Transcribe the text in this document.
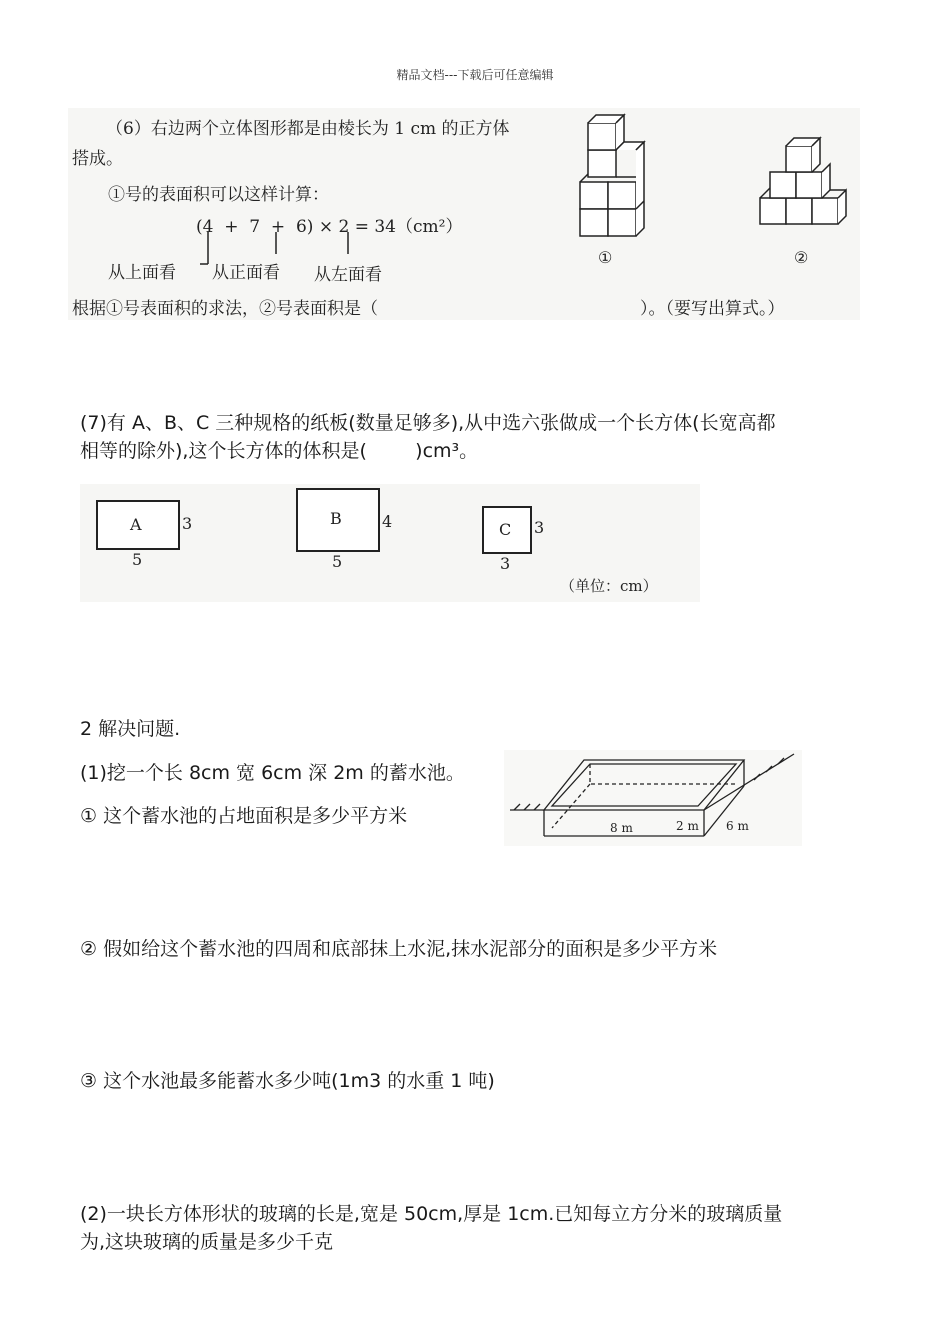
精品文档---下载后可任意编辑
（6）右边两个立体图形都是由棱长为 1 cm 的正方体
搭成。
①号的表面积可以这样计算：
(4  +  7  +  6) × 2 = 34（cm²）
从上面看 从正面看 从左面看
根据①号表面积的求法，②号表面积是（	）。（要写出算式。）
①	②
(7)有 A、B、C 三种规格的纸板(数量足够多),从中选六张做成一个长方体(长宽高都
相等的除外),这个长方体的体积是(        )cm³。
A	3
5
B	4
5
C 3
3
（单位：cm）
2 解决问题.
(1)挖一个长 8cm 宽 6cm 深 2m 的蓄水池。
① 这个蓄水池的占地面积是多少平方米
8 m	2 m 6 m
② 假如给这个蓄水池的四周和底部抹上水泥,抹水泥部分的面积是多少平方米
③ 这个水池最多能蓄水多少吨(1m3 的水重 1 吨)
(2)一块长方体形状的玻璃的长是,宽是 50cm,厚是 1cm.已知每立方分米的玻璃质量
为,这块玻璃的质量是多少千克
